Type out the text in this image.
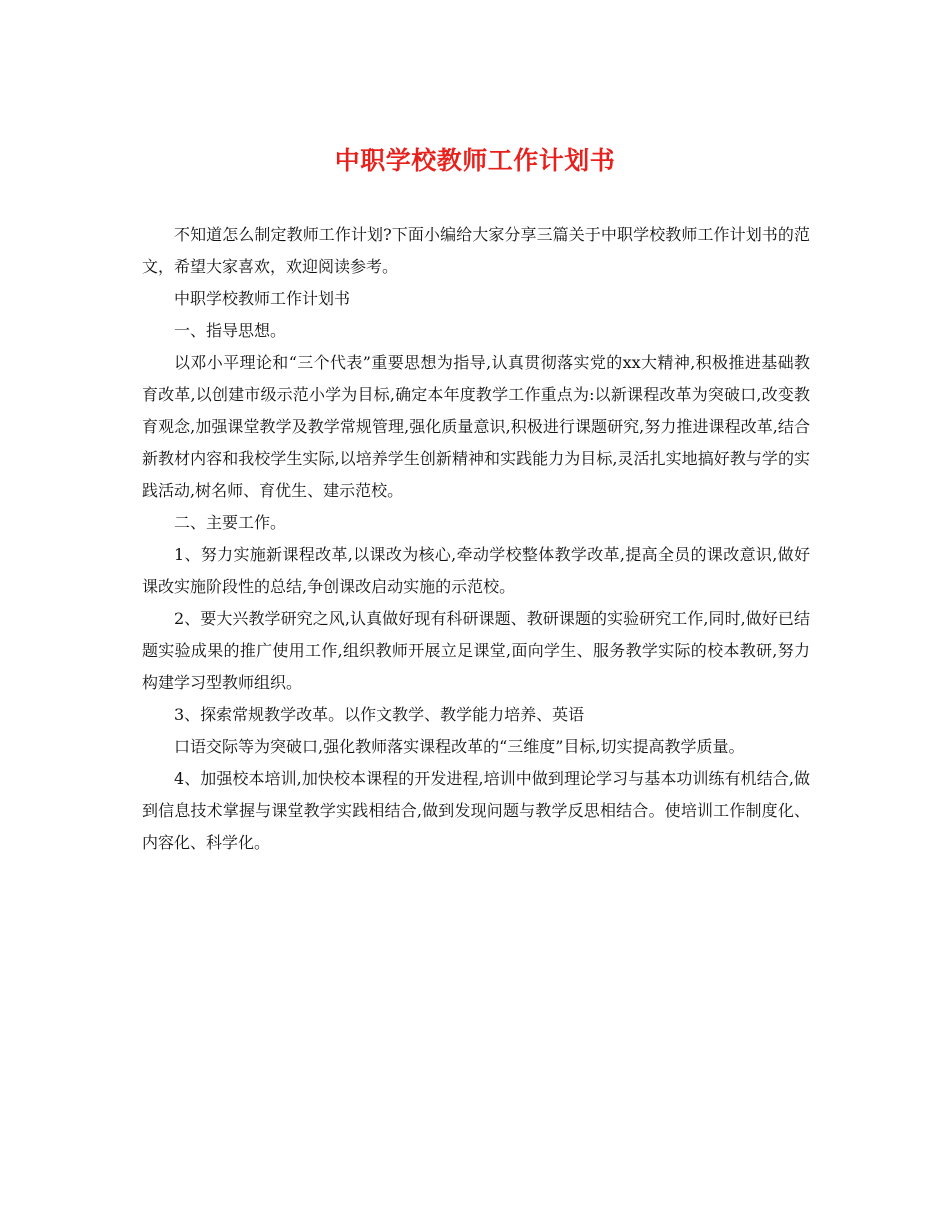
中职学校教师工作计划书

不知道怎么制定教师工作计划?下面小编给大家分享三篇关于中职学校教师工作计划书的范文，希望大家喜欢，欢迎阅读参考。

中职学校教师工作计划书

一、指导思想。

以邓小平理论和“三个代表”重要思想为指导,认真贯彻落实党的xx大精神,积极推进基础教育改革,以创建市级示范小学为目标,确定本年度教学工作重点为:以新课程改革为突破口,改变教育观念,加强课堂教学及教学常规管理,强化质量意识,积极进行课题研究,努力推进课程改革,结合新教材内容和我校学生实际,以培养学生创新精神和实践能力为目标,灵活扎实地搞好教与学的实践活动,树名师、育优生、建示范校。

二、主要工作。

1、努力实施新课程改革,以课改为核心,牵动学校整体教学改革,提高全员的课改意识,做好课改实施阶段性的总结,争创课改启动实施的示范校。

2、要大兴教学研究之风,认真做好现有科研课题、教研课题的实验研究工作,同时,做好已结题实验成果的推广使用工作,组织教师开展立足课堂,面向学生、服务教学实际的校本教研,努力构建学习型教师组织。

3、探索常规教学改革。以作文教学、教学能力培养、英语

口语交际等为突破口,强化教师落实课程改革的“三维度”目标,切实提高教学质量。

4、加强校本培训,加快校本课程的开发进程,培训中做到理论学习与基本功训练有机结合,做到信息技术掌握与课堂教学实践相结合,做到发现问题与教学反思相结合。使培训工作制度化、内容化、科学化。
